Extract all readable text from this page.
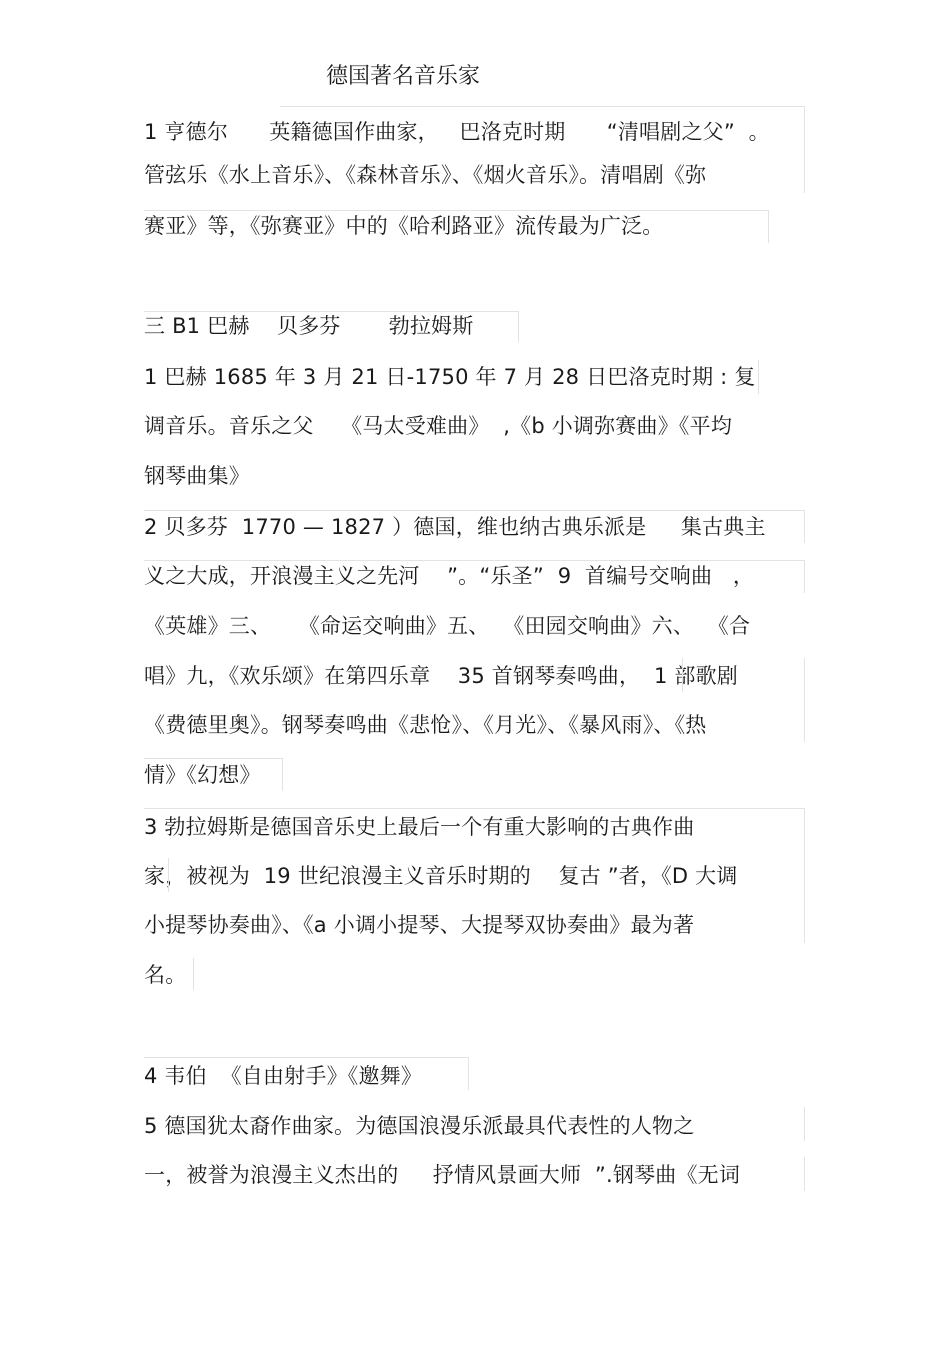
德国著名音乐家
1 亨德尔      英籍德国作曲家，   巴洛克时期      “清唱剧之父”  。
管弦乐《水上音乐》、《森林音乐》、《烟火音乐》。清唱剧《弥
赛亚》等，《弥赛亚》中的《哈利路亚》流传最为广泛。
三 B1 巴赫    贝多芬       勃拉姆斯
1 巴赫 1685 年 3 月 21 日-1750 年 7 月 28 日巴洛克时期 : 复
调音乐。音乐之父    《马太受难曲》  ,《b 小调弥赛曲》《平均
钢琴曲集》
2 贝多芬  1770 — 1827 ）德国，维也纳古典乐派是     集古典主
义之大成，开浪漫主义之先河    ”。“乐圣”  9  首编号交响曲   ，
《英雄》三、    《命运交响曲》五、  《田园交响曲》六、  《合
唱》九，《欢乐颂》在第四乐章    35 首钢琴奏鸣曲，  1 部歌剧
《费德里奥》。钢琴奏鸣曲《悲怆》、《月光》、《暴风雨》、《热
情》《幻想》
3 勃拉姆斯是德国音乐史上最后一个有重大影响的古典作曲
家，被视为  19 世纪浪漫主义音乐时期的    复古 ”者，《D 大调
小提琴协奏曲》、《a 小调小提琴、大提琴双协奏曲》最为著
名。
4 韦伯  《自由射手》《邀舞》
5 德国犹太裔作曲家。为德国浪漫乐派最具代表性的人物之
一，被誉为浪漫主义杰出的     抒情风景画大师  ”.钢琴曲《无词
